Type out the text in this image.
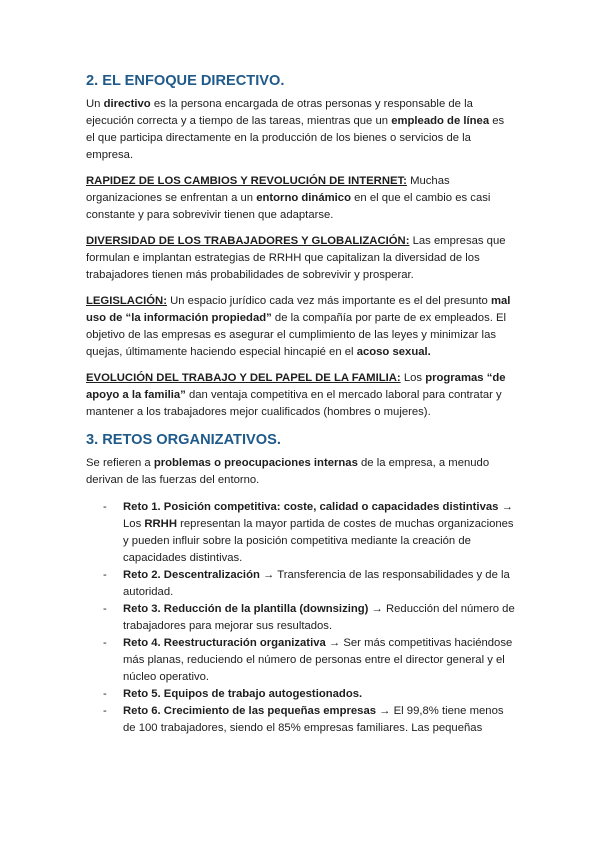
2. EL ENFOQUE DIRECTIVO.

Un directivo es la persona encargada de otras personas y responsable de la ejecución correcta y a tiempo de las tareas, mientras que un empleado de línea es el que participa directamente en la producción de los bienes o servicios de la empresa.

RAPIDEZ DE LOS CAMBIOS Y REVOLUCIÓN DE INTERNET: Muchas organizaciones se enfrentan a un entorno dinámico en el que el cambio es casi constante y para sobrevivir tienen que adaptarse.

DIVERSIDAD DE LOS TRABAJADORES Y GLOBALIZACIÓN: Las empresas que formulan e implantan estrategias de RRHH que capitalizan la diversidad de los trabajadores tienen más probabilidades de sobrevivir y prosperar.

LEGISLACIÓN: Un espacio jurídico cada vez más importante es el del presunto mal uso de “la información propiedad” de la compañía por parte de ex empleados. El objetivo de las empresas es asegurar el cumplimiento de las leyes y minimizar las quejas, últimamente haciendo especial hincapié en el acoso sexual.

EVOLUCIÓN DEL TRABAJO Y DEL PAPEL DE LA FAMILIA: Los programas “de apoyo a la familia” dan ventaja competitiva en el mercado laboral para contratar y mantener a los trabajadores mejor cualificados (hombres o mujeres).

3. RETOS ORGANIZATIVOS.

Se refieren a problemas o preocupaciones internas de la empresa, a menudo derivan de las fuerzas del entorno.

- Reto 1. Posición competitiva: coste, calidad o capacidades distintivas → Los RRHH representan la mayor partida de costes de muchas organizaciones y pueden influir sobre la posición competitiva mediante la creación de capacidades distintivas.
- Reto 2. Descentralización → Transferencia de las responsabilidades y de la autoridad.
- Reto 3. Reducción de la plantilla (downsizing) → Reducción del número de trabajadores para mejorar sus resultados.
- Reto 4. Reestructuración organizativa → Ser más competitivas haciéndose más planas, reduciendo el número de personas entre el director general y el núcleo operativo.
- Reto 5. Equipos de trabajo autogestionados.
- Reto 6. Crecimiento de las pequeñas empresas → El 99,8% tiene menos de 100 trabajadores, siendo el 85% empresas familiares. Las pequeñas
